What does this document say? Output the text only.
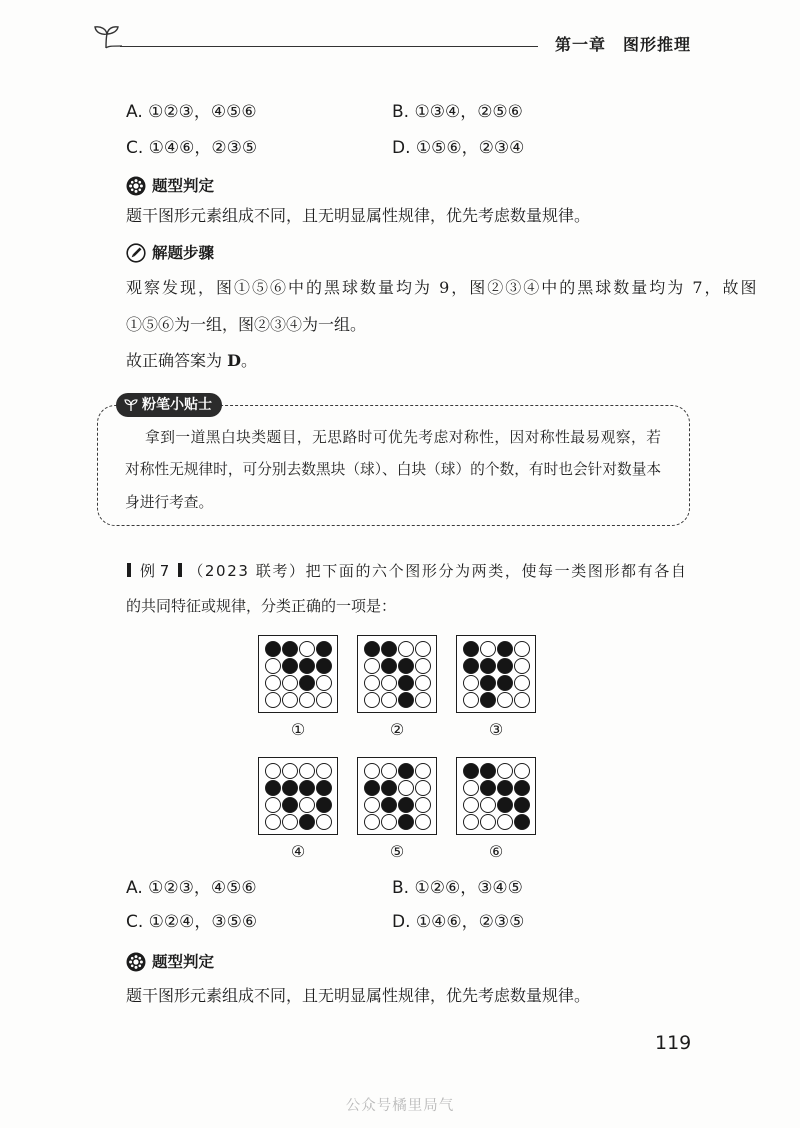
第一章　图形推理
A. ①②③，④⑤⑥	B. ①③④，②⑤⑥
C. ①④⑥，②③⑤	D. ①⑤⑥，②③④
题型判定
题干图形元素组成不同，且无明显属性规律，优先考虑数量规律。
解题步骤
观察发现，图①⑤⑥中的黑球数量均为 9，图②③④中的黑球数量均为 7，故图
①⑤⑥为一组，图②③④为一组。
故正确答案为 D。
粉笔小贴士
拿到一道黑白块类题目，无思路时可优先考虑对称性，因对称性最易观察，若
对称性无规律时，可分别去数黑块（球）、白块（球）的个数，有时也会针对数量本
身进行考查。
例 7 （2023 联考）把下面的六个图形分为两类，使每一类图形都有各自
的共同特征或规律，分类正确的一项是：
①	②	③
④	⑤	⑥
A. ①②③，④⑤⑥	B. ①②⑥，③④⑤
C. ①②④，③⑤⑥	D. ①④⑥，②③⑤
题型判定
题干图形元素组成不同，且无明显属性规律，优先考虑数量规律。
119
公众号橘里局气
